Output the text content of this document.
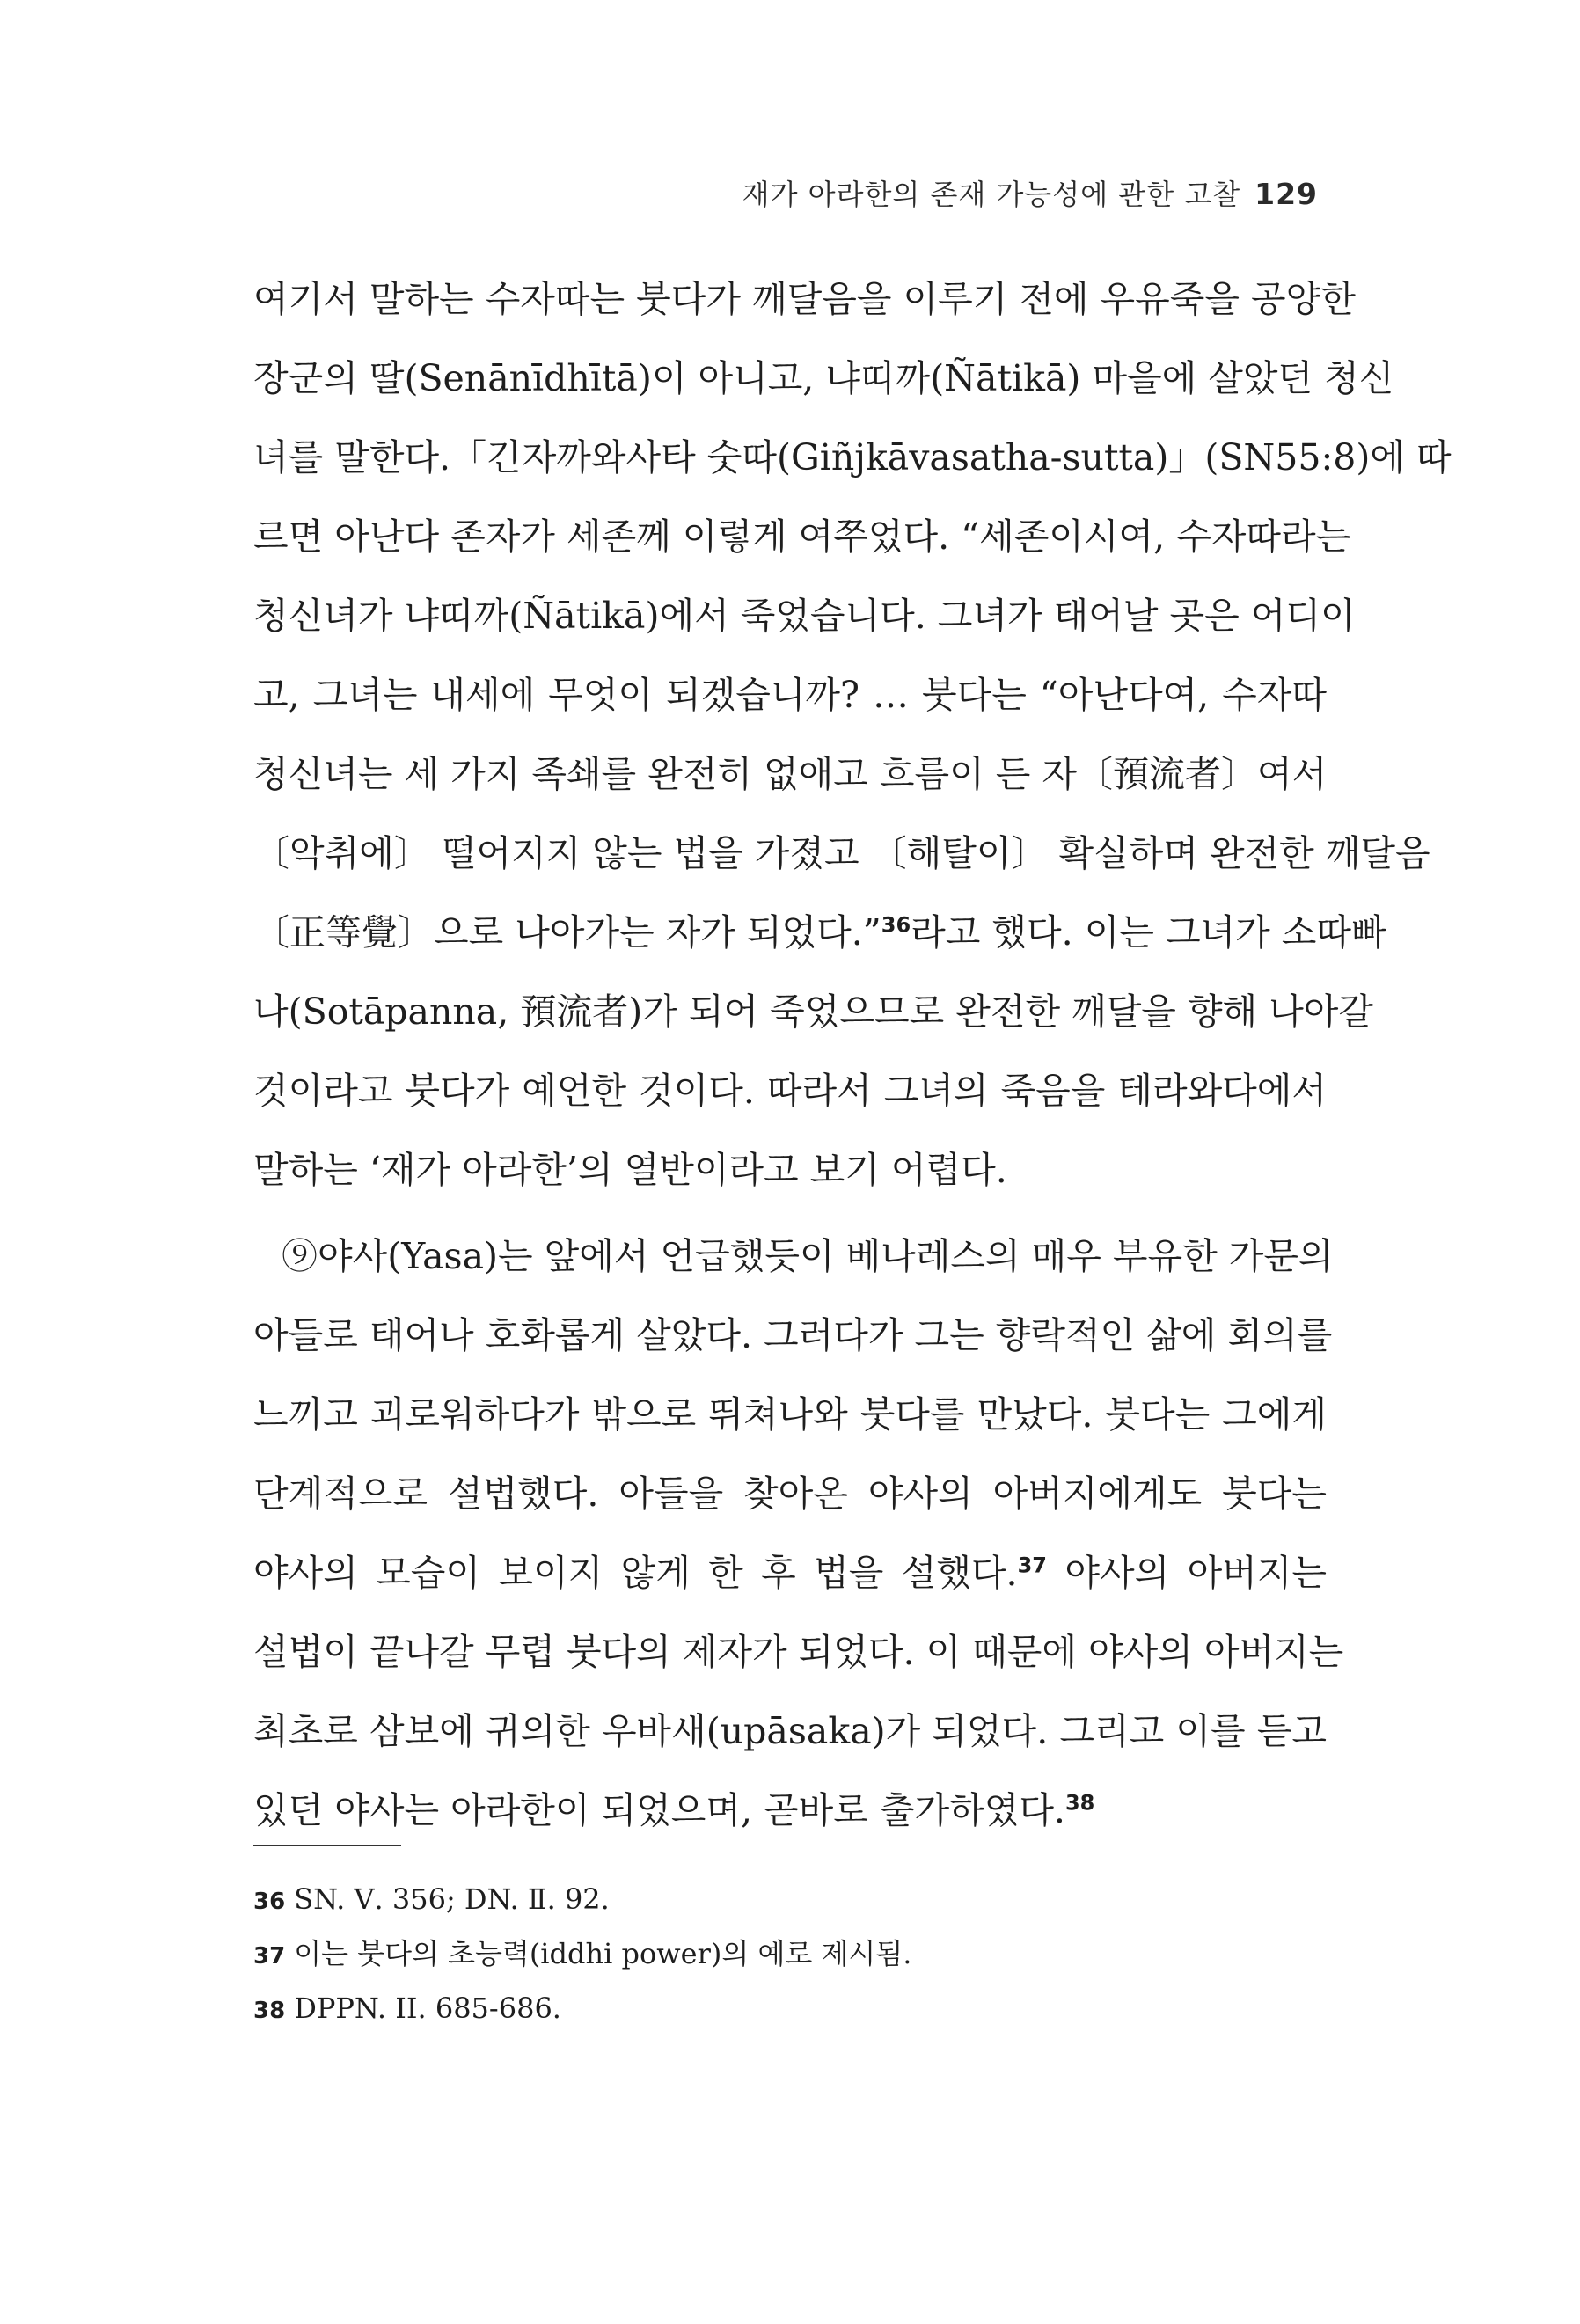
재가 아라한의 존재 가능성에 관한 고찰 129
여기서 말하는 수자따는 붓다가 깨달음을 이루기 전에 우유죽을 공양한
장군의 딸(Senānīdhītā)이 아니고, 냐띠까(Ñātikā) 마을에 살았던 청신
녀를 말한다.「긴자까와사타 숫따(Giñjkāvasatha-sutta)」(SN55:8)에 따
르면 아난다 존자가 세존께 이렇게 여쭈었다. “세존이시여, 수자따라는
청신녀가 냐띠까(Ñātikā)에서 죽었습니다. 그녀가 태어날 곳은 어디이
고, 그녀는 내세에 무엇이 되겠습니까? … 붓다는 “아난다여, 수자따
청신녀는 세 가지 족쇄를 완전히 없애고 흐름이 든 자〔預流者〕여서
〔악취에〕 떨어지지 않는 법을 가졌고 〔해탈이〕 확실하며 완전한 깨달음
〔正等覺〕으로 나아가는 자가 되었다.”$^{36}$라고 했다. 이는 그녀가 소따빠
나(Sotāpanna, 預流者)가 되어 죽었으므로 완전한 깨달을 향해 나아갈
것이라고 붓다가 예언한 것이다. 따라서 그녀의 죽음을 테라와다에서
말하는 ‘재가 아라한’의 열반이라고 보기 어렵다.
⑨야사(Yasa)는 앞에서 언급했듯이 베나레스의 매우 부유한 가문의
아들로 태어나 호화롭게 살았다. 그러다가 그는 향락적인 삶에 회의를
느끼고 괴로워하다가 밖으로 뛰쳐나와 붓다를 만났다. 붓다는 그에게
단계적으로 설법했다. 아들을 찾아온 야사의 아버지에게도 붓다는
야사의 모습이 보이지 않게 한 후 법을 설했다.$^{37}$ 야사의 아버지는
설법이 끝나갈 무렵 붓다의 제자가 되었다. 이 때문에 야사의 아버지는
최초로 삼보에 귀의한 우바새(upāsaka)가 되었다. 그리고 이를 듣고
있던 야사는 아라한이 되었으며, 곧바로 출가하였다.$^{38}$
36 SN. Ⅴ. 356; DN. Ⅱ. 92.
37 이는 붓다의 초능력(iddhi power)의 예로 제시됨.
38 DPPN. II. 685-686.
